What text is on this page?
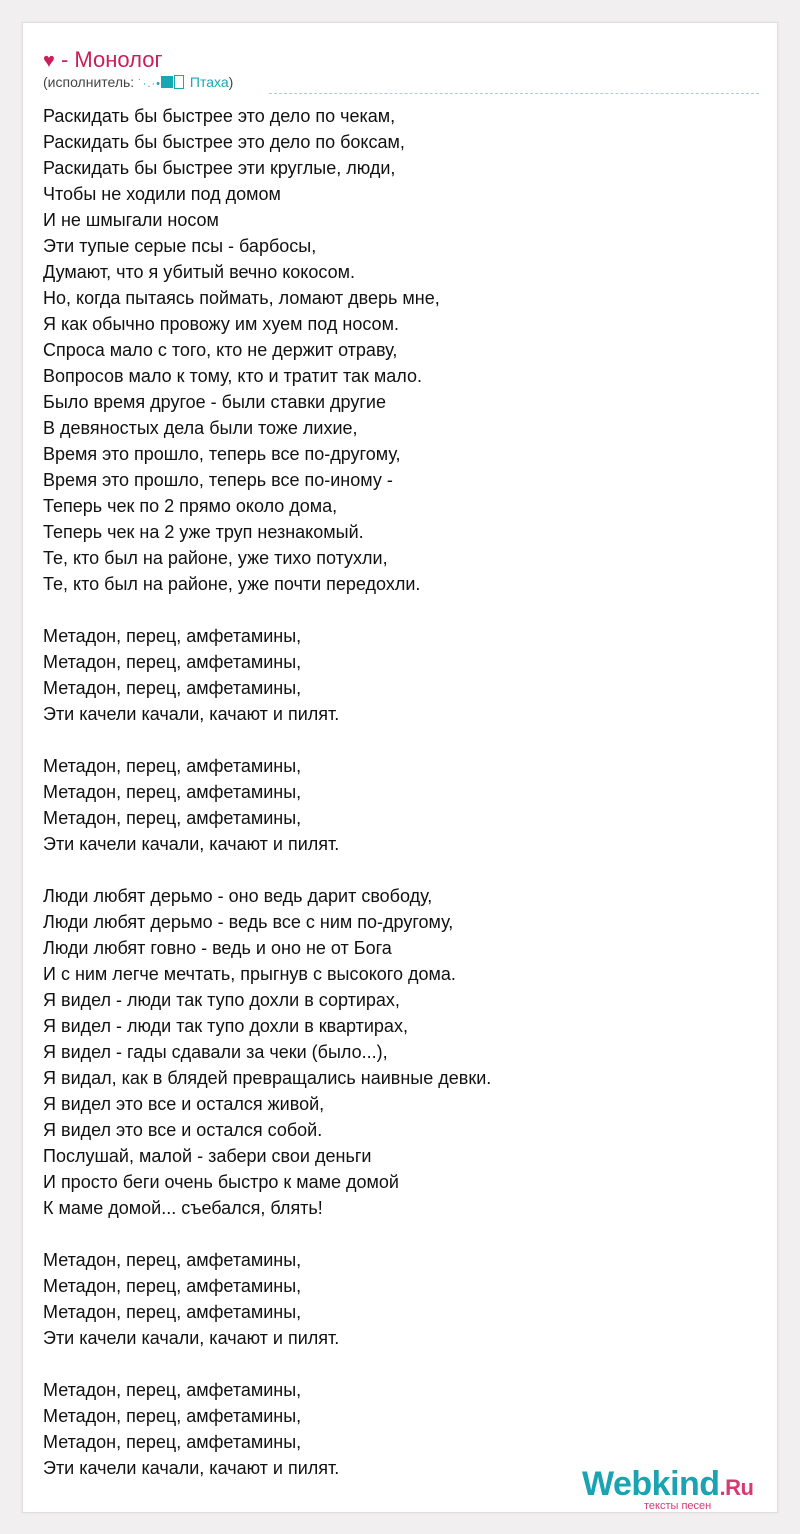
♥ - Монолог
(исполнитель: ˙·.·• Птаха)
Раскидать бы быстрее это дело по чекам,
Раскидать бы быстрее это дело по боксам,
Раскидать бы быстрее эти круглые, люди,
Чтобы не ходили под домом
И не шмыгали носом
Эти тупые серые псы - барбосы,
Думают, что я убитый вечно кокосом.
Но, когда пытаясь поймать, ломают дверь мне,
Я как обычно провожу им хуем под носом.
Спроса мало с того, кто не держит отраву,
Вопросов мало к тому, кто и тратит так мало.
Было время другое - были ставки другие
В девяностых дела были тоже лихие,
Время это прошло, теперь все по-другому,
Время это прошло, теперь все по-иному -
Теперь чек по 2 прямо около дома,
Теперь чек на 2 уже труп незнакомый.
Те, кто был на районе, уже тихо потухли,
Те, кто был на районе, уже почти передохли.
Метадон, перец, амфетамины,
Метадон, перец, амфетамины,
Метадон, перец, амфетамины,
Эти качели качали, качают и пилят.
Метадон, перец, амфетамины,
Метадон, перец, амфетамины,
Метадон, перец, амфетамины,
Эти качели качали, качают и пилят.
Люди любят дерьмо - оно ведь дарит свободу,
Люди любят дерьмо - ведь все с ним по-другому,
Люди любят говно - ведь и оно не от Бога
И с ним легче мечтать, прыгнув с высокого дома.
Я видел - люди так тупо дохли в сортирах,
Я видел - люди так тупо дохли в квартирах,
Я видел - гады сдавали за чеки (было...),
Я видал, как в блядей превращались наивные девки.
Я видел это все и остался живой,
Я видел это все и остался собой.
Послушай, малой - забери свои деньги
И просто беги очень быстро к маме домой
К маме домой... съебался, блять!
Метадон, перец, амфетамины,
Метадон, перец, амфетамины,
Метадон, перец, амфетамины,
Эти качели качали, качают и пилят.
Метадон, перец, амфетамины,
Метадон, перец, амфетамины,
Метадон, перец, амфетамины,
Эти качели качали, качают и пилят.	Webkind.Ru
тексты песен
